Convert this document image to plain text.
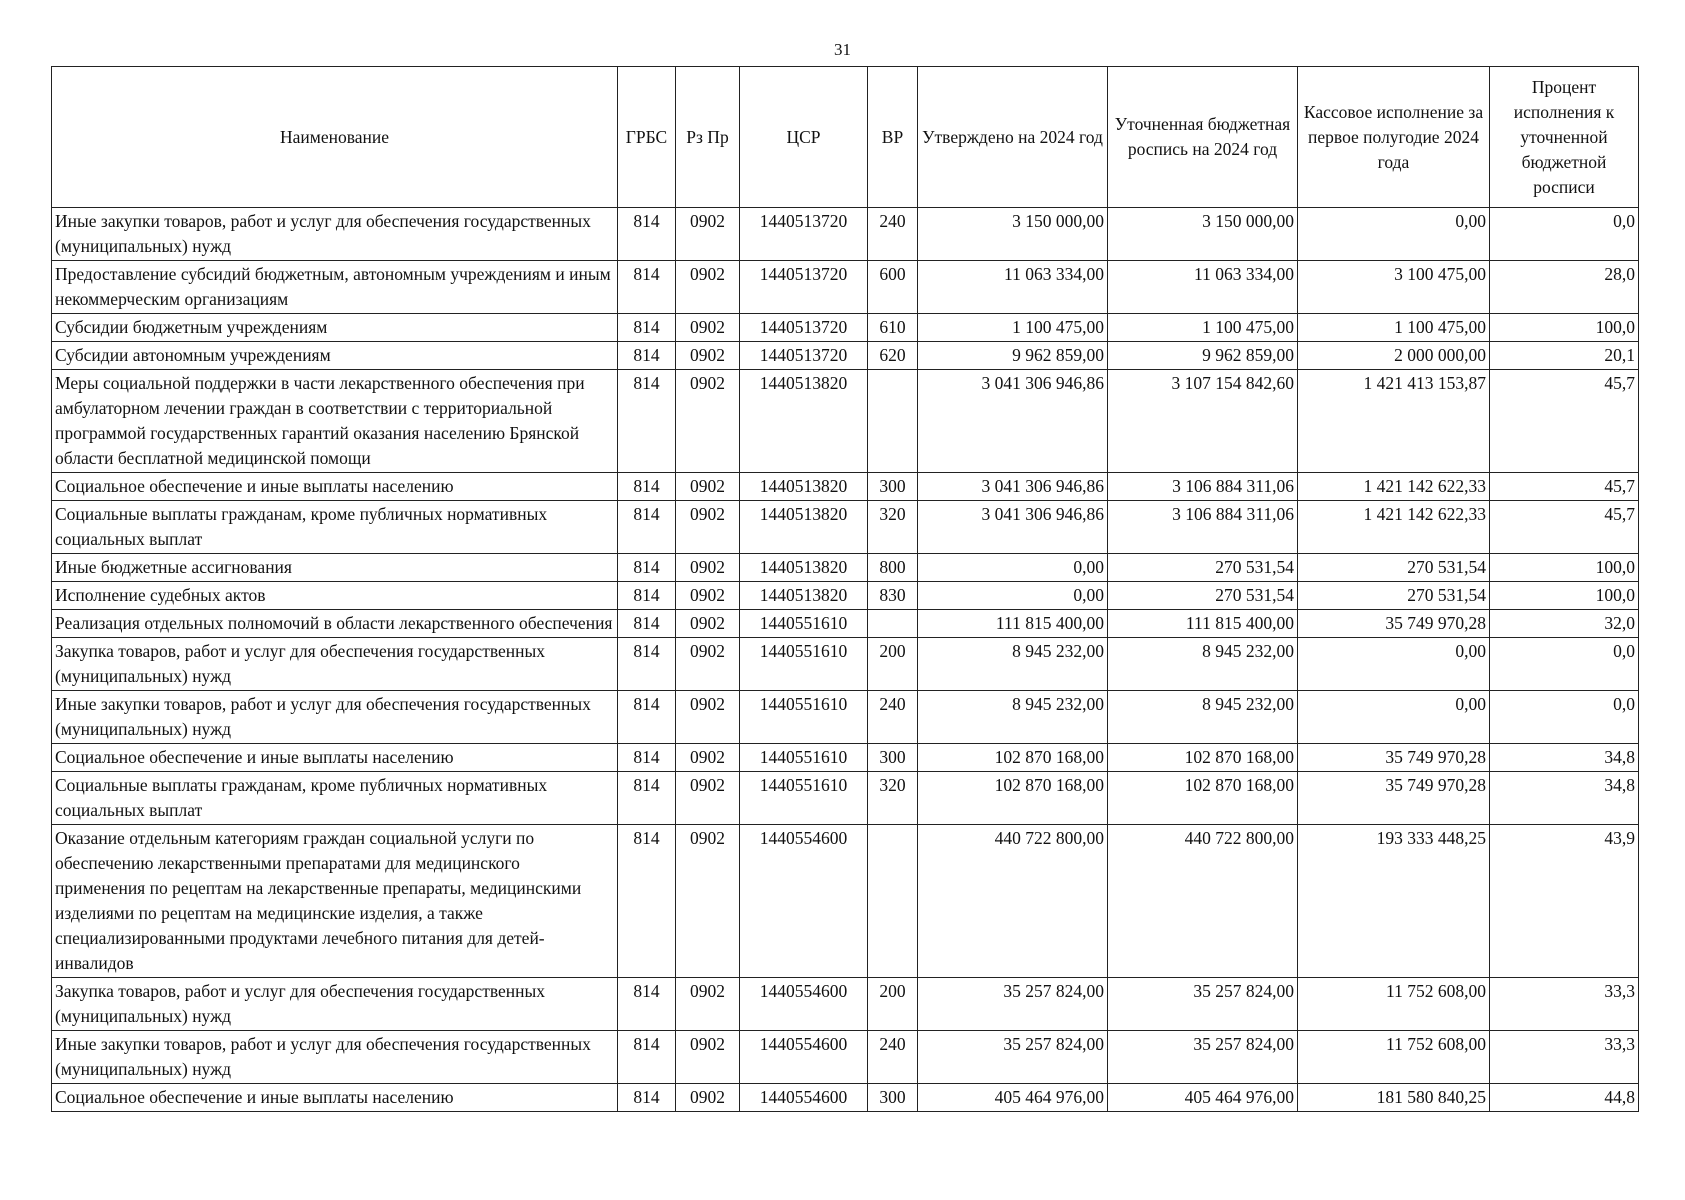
31
Наименование	ГРБС	Рз Пр	ЦСР	ВР	Утверждено на 2024 год	Уточненная бюджетная роспись на 2024 год	Кассовое исполнение за первое полугодие 2024 года	Процент исполнения к уточненной бюджетной росписи
Иные закупки товаров, работ и услуг для обеспечения государственных (муниципальных) нужд	814	0902	1440513720	240	3 150 000,00	3 150 000,00	0,00	0,0
Предоставление субсидий бюджетным, автономным учреждениям и иным некоммерческим организациям	814	0902	1440513720	600	11 063 334,00	11 063 334,00	3 100 475,00	28,0
Субсидии бюджетным учреждениям	814	0902	1440513720	610	1 100 475,00	1 100 475,00	1 100 475,00	100,0
Субсидии автономным учреждениям	814	0902	1440513720	620	9 962 859,00	9 962 859,00	2 000 000,00	20,1
Меры социальной поддержки в части лекарственного обеспечения при амбулаторном лечении граждан в соответствии с территориальной программой государственных гарантий оказания населению Брянской области бесплатной медицинской помощи	814	0902	1440513820		3 041 306 946,86	3 107 154 842,60	1 421 413 153,87	45,7
Социальное обеспечение и иные выплаты населению	814	0902	1440513820	300	3 041 306 946,86	3 106 884 311,06	1 421 142 622,33	45,7
Социальные выплаты гражданам, кроме публичных нормативных социальных выплат	814	0902	1440513820	320	3 041 306 946,86	3 106 884 311,06	1 421 142 622,33	45,7
Иные бюджетные ассигнования	814	0902	1440513820	800	0,00	270 531,54	270 531,54	100,0
Исполнение судебных актов	814	0902	1440513820	830	0,00	270 531,54	270 531,54	100,0
Реализация отдельных полномочий в области лекарственного обеспечения	814	0902	1440551610		111 815 400,00	111 815 400,00	35 749 970,28	32,0
Закупка товаров, работ и услуг для обеспечения государственных (муниципальных) нужд	814	0902	1440551610	200	8 945 232,00	8 945 232,00	0,00	0,0
Иные закупки товаров, работ и услуг для обеспечения государственных (муниципальных) нужд	814	0902	1440551610	240	8 945 232,00	8 945 232,00	0,00	0,0
Социальное обеспечение и иные выплаты населению	814	0902	1440551610	300	102 870 168,00	102 870 168,00	35 749 970,28	34,8
Социальные выплаты гражданам, кроме публичных нормативных социальных выплат	814	0902	1440551610	320	102 870 168,00	102 870 168,00	35 749 970,28	34,8
Оказание отдельным категориям граждан социальной услуги по обеспечению лекарственными препаратами для медицинского применения по рецептам на лекарственные препараты, медицинскими изделиями по рецептам на медицинские изделия, а также специализированными продуктами лечебного питания для детей-инвалидов	814	0902	1440554600		440 722 800,00	440 722 800,00	193 333 448,25	43,9
Закупка товаров, работ и услуг для обеспечения государственных (муниципальных) нужд	814	0902	1440554600	200	35 257 824,00	35 257 824,00	11 752 608,00	33,3
Иные закупки товаров, работ и услуг для обеспечения государственных (муниципальных) нужд	814	0902	1440554600	240	35 257 824,00	35 257 824,00	11 752 608,00	33,3
Социальное обеспечение и иные выплаты населению	814	0902	1440554600	300	405 464 976,00	405 464 976,00	181 580 840,25	44,8
